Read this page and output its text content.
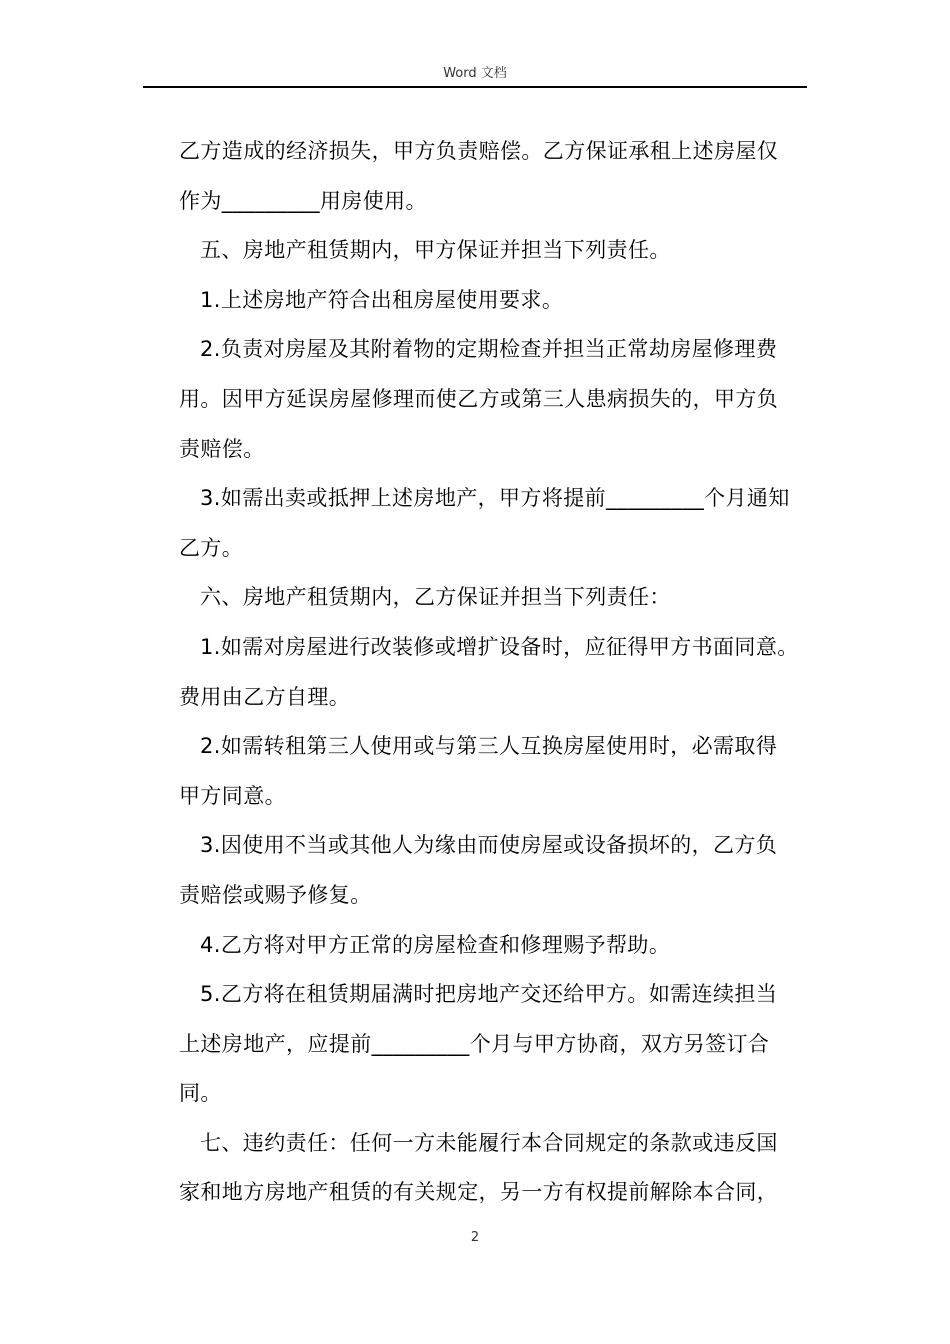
Word 文档
乙方造成的经济损失，甲方负责赔偿。乙方保证承租上述房屋仅
作为_________用房使用。
五、房地产租赁期内，甲方保证并担当下列责任。
1.上述房地产符合出租房屋使用要求。
2.负责对房屋及其附着物的定期检查并担当正常劫房屋修理费
用。因甲方延误房屋修理而使乙方或第三人患病损失的，甲方负
责赔偿。
3.如需出卖或抵押上述房地产，甲方将提前_________个月通知
乙方。
六、房地产租赁期内，乙方保证并担当下列责任：
1.如需对房屋进行改装修或增扩设备时，应征得甲方书面同意。
费用由乙方自理。
2.如需转租第三人使用或与第三人互换房屋使用时，必需取得
甲方同意。
3.因使用不当或其他人为缘由而使房屋或设备损坏的，乙方负
责赔偿或赐予修复。
4.乙方将对甲方正常的房屋检查和修理赐予帮助。
5.乙方将在租赁期届满时把房地产交还给甲方。如需连续担当
上述房地产，应提前_________个月与甲方协商，双方另签订合
同。
七、违约责任：任何一方未能履行本合同规定的条款或违反国
家和地方房地产租赁的有关规定，另一方有权提前解除本合同，
2
